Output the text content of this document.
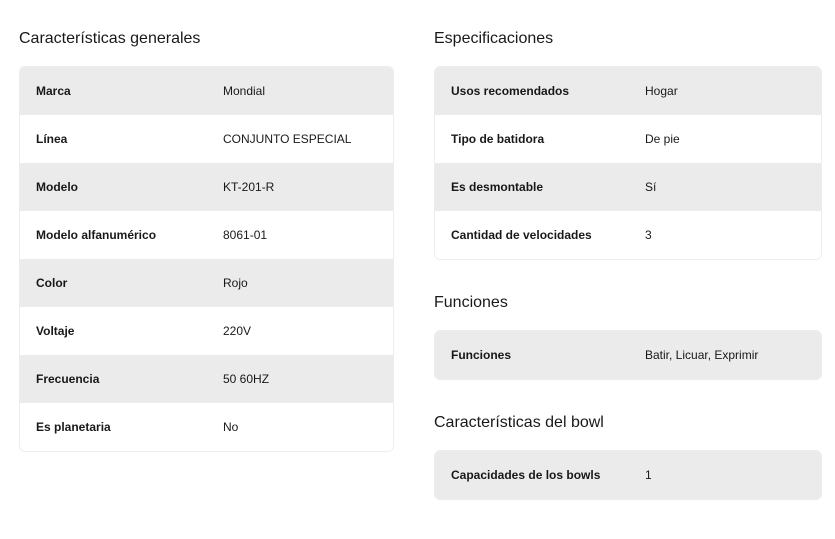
Características generales
Marca	Mondial
Línea	CONJUNTO ESPECIAL
Modelo	KT-201-R
Modelo alfanumérico	8061-01
Color	Rojo
Voltaje	220V
Frecuencia	50 60HZ
Es planetaria	No
Especificaciones
Usos recomendados	Hogar
Tipo de batidora	De pie
Es desmontable	Sí
Cantidad de velocidades	3
Funciones
Funciones	Batir, Licuar, Exprimir
Características del bowl
Capacidades de los bowls	1
